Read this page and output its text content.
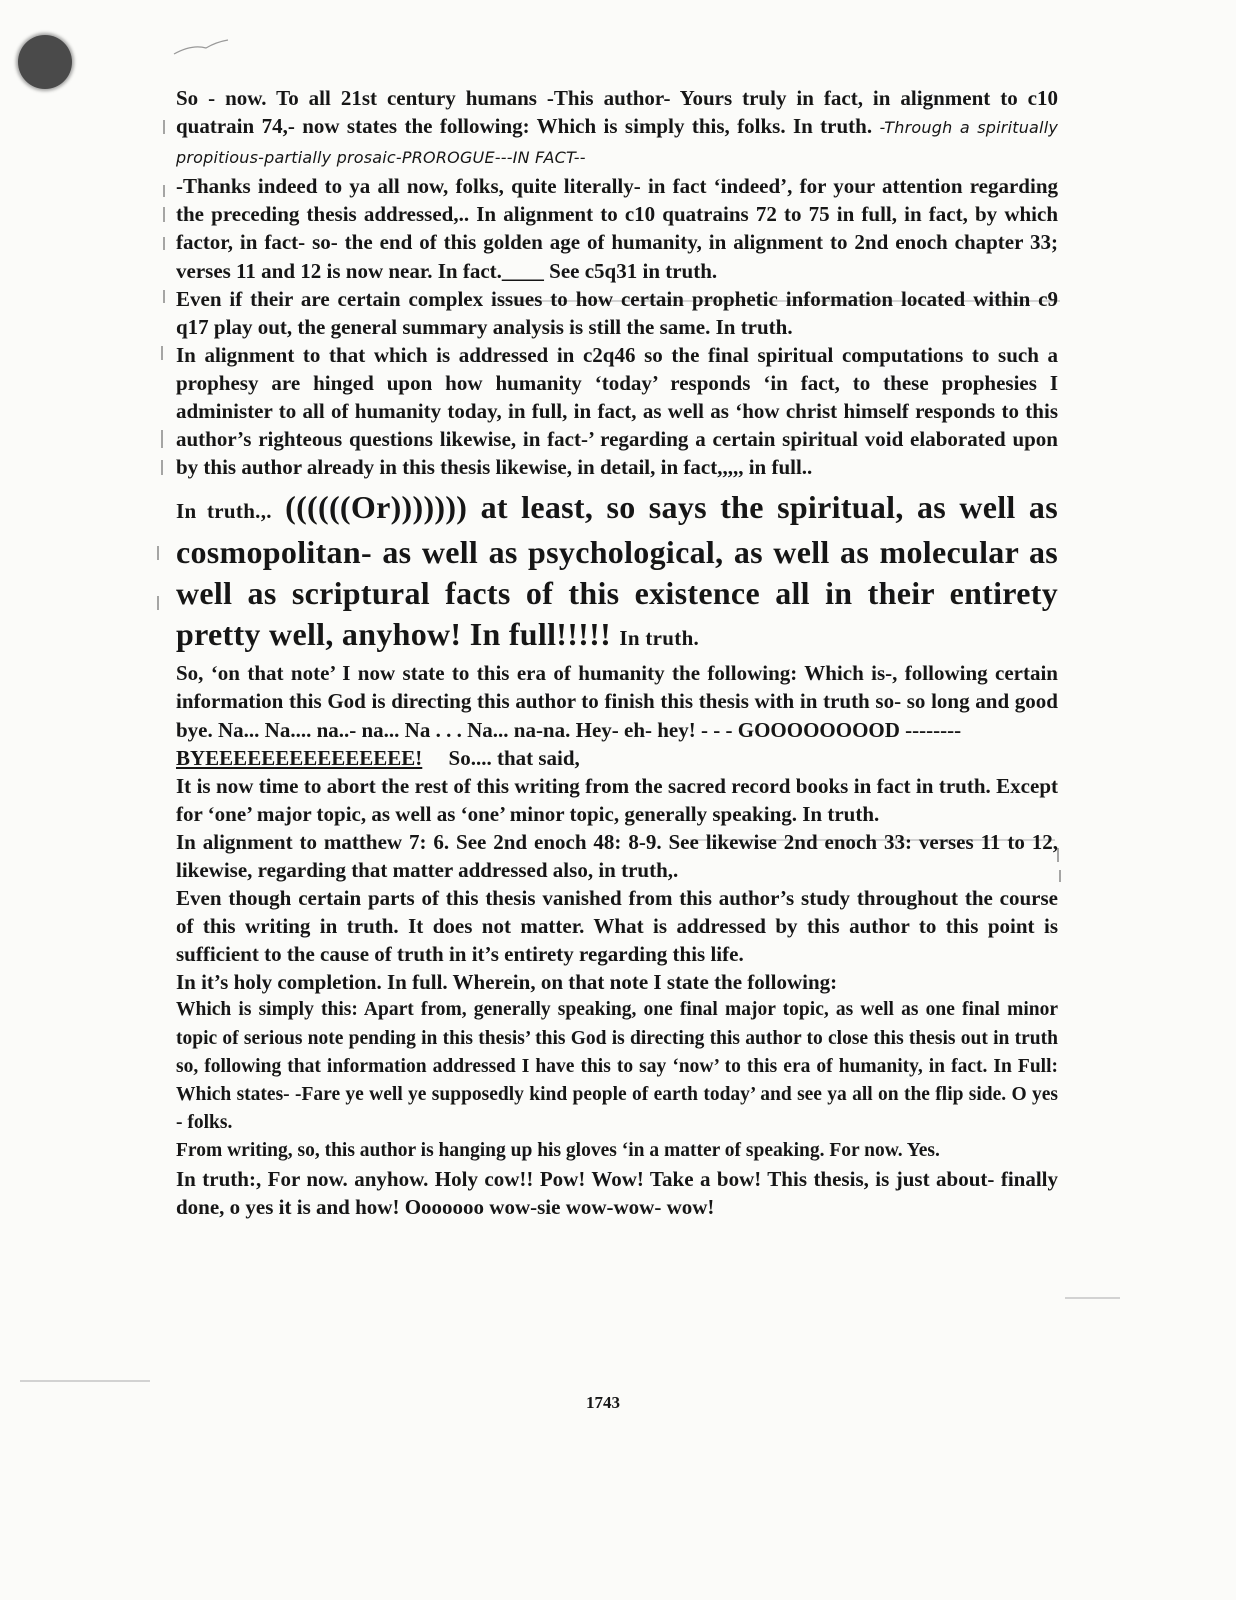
So - now. To all 21st century humans -This author- Yours truly in fact, in alignment to c10 quatrain 74,- now states the following: Which is simply this, folks. In truth. -Through a spiritually propitious-partially prosaic-PROROGUE---IN FACT--

-Thanks indeed to ya all now, folks, quite literally- in fact ‘indeed’, for your attention regarding the preceding thesis addressed,.. In alignment to c10 quatrains 72 to 75 in full, in fact, by which factor, in fact- so- the end of this golden age of humanity, in alignment to 2nd enoch chapter 33; verses 11 and 12 is now near. In fact.____ See c5q31 in truth.

Even if their are certain complex issues to how certain prophetic information located within c9 q17 play out, the general summary analysis is still the same. In truth.

In alignment to that which is addressed in c2q46 so the final spiritual computations to such a prophesy are hinged upon how humanity ‘today’ responds ‘in fact, to these prophesies I administer to all of humanity today, in full, in fact, as well as ‘how christ himself responds to this author’s righteous questions likewise, in fact-’ regarding a certain spiritual void elaborated upon by this author already in this thesis likewise, in detail, in fact,,,,, in full..

In truth.,. ((((((Or))))))) at least, so says the spiritual, as well as cosmopolitan- as well as psychological, as well as molecular as well as scriptural facts of this existence all in their entirety pretty well, anyhow! In full!!!!! In truth.

So, ‘on that note’ I now state to this era of humanity the following: Which is-, following certain information this God is directing this author to finish this thesis with in truth so- so long and good bye. Na... Na.... na..- na... Na . . . Na... na-na. Hey- eh- hey! - - - GOOOOOOOOD --------

BYEEEEEEEEEEEEEEE! So.... that said,

It is now time to abort the rest of this writing from the sacred record books in fact in truth. Except for ‘one’ major topic, as well as ‘one’ minor topic, generally speaking. In truth.

In alignment to matthew 7: 6. See 2nd enoch 48: 8-9. See likewise 2nd enoch 33: verses 11 to 12, likewise, regarding that matter addressed also, in truth,.

Even though certain parts of this thesis vanished from this author’s study throughout the course of this writing in truth. It does not matter. What is addressed by this author to this point is sufficient to the cause of truth in it’s entirety regarding this life.

In it’s holy completion. In full. Wherein, on that note I state the following:

Which is simply this: Apart from, generally speaking, one final major topic, as well as one final minor topic of serious note pending in this thesis’ this God is directing this author to close this thesis out in truth so, following that information addressed I have this to say ‘now’ to this era of humanity, in fact. In Full: Which states- -Fare ye well ye supposedly kind people of earth today’ and see ya all on the flip side. O yes - folks.

From writing, so, this author is hanging up his gloves ‘in a matter of speaking. For now. Yes.

In truth:, For now. anyhow. Holy cow!! Pow! Wow! Take a bow! This thesis, is just about- finally done, o yes it is and how! Ooooooo wow-sie wow-wow- wow!

1743
